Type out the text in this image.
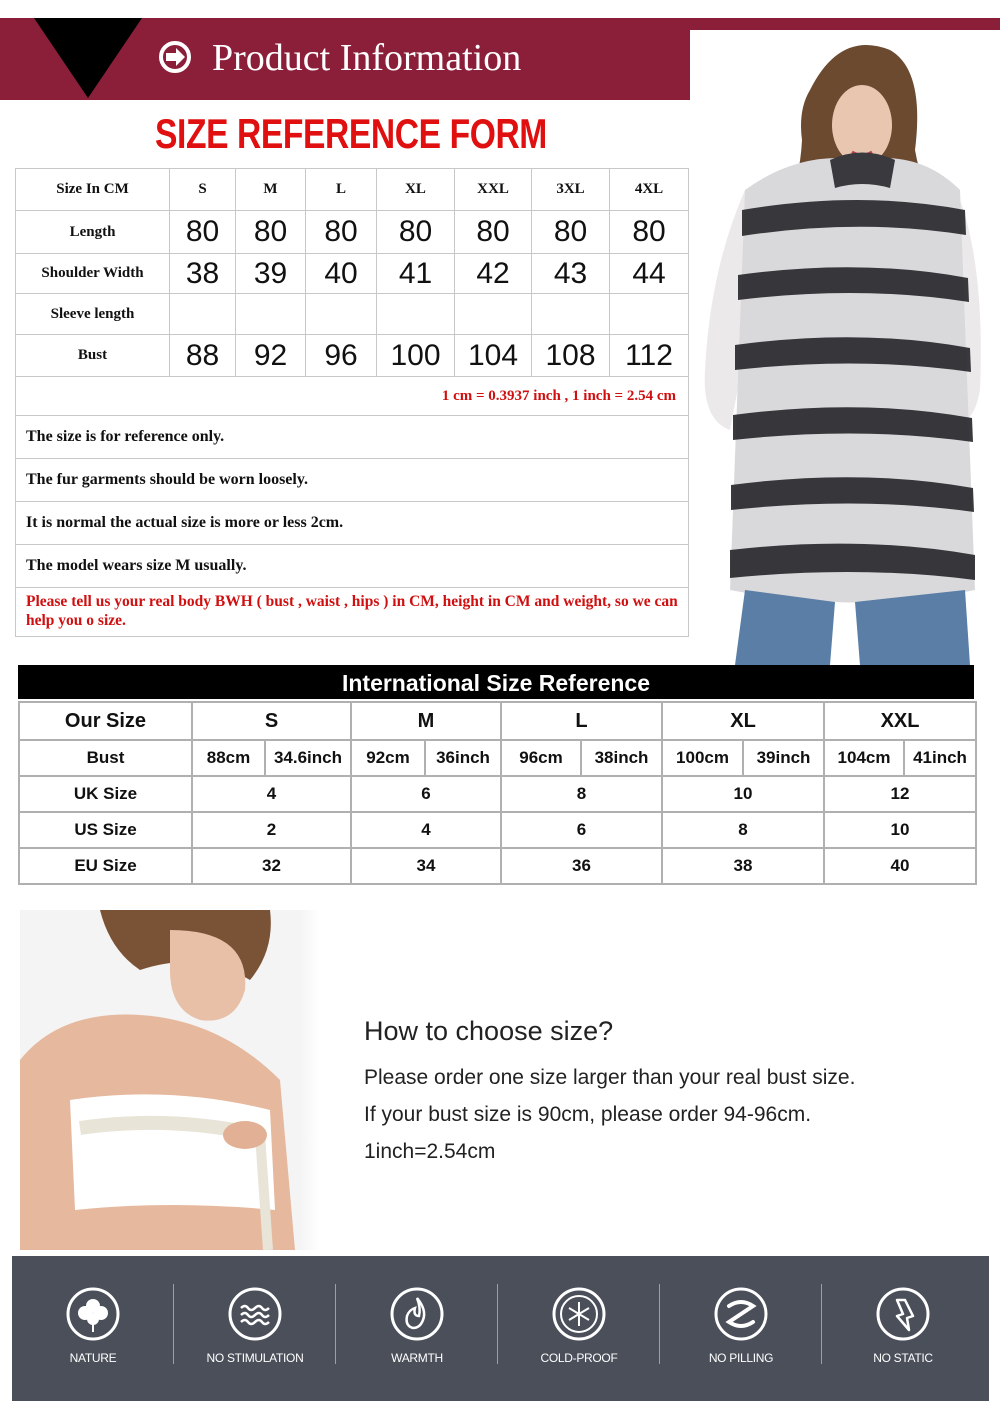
Product Information
SIZE REFERENCE FORM
Size In CM	S	M	L	XL	XXL	3XL	4XL
Length	80	80	80	80	80	80	80
Shoulder Width	38	39	40	41	42	43	44
Sleeve length							
Bust	88	92	96	100	104	108	112
1 cm = 0.3937 inch , 1 inch = 2.54 cm							
The size is for reference only.							
The fur garments should be worn loosely.							
It is normal the actual size is more or less 2cm.							
The model wears size M usually.							
Please tell us your real body BWH ( bust , waist , hips ) in CM, height in CM and weight, so we can help you o size.							
International Size Reference
Our Size	S		M		L		XL		XXL	
Bust	88cm	34.6inch	92cm	36inch	96cm	38inch	100cm	39inch	104cm	41inch
UK Size	4		6		8		10		12	
US Size	2		4		6		8		10	
EU Size	32		34		36		38		40	
How to choose size?
Please order one size larger than your real bust size.
If your bust size is 90cm, please order 94-96cm.
1inch=2.54cm
NATURE	NO STIMULATION	WARMTH	COLD-PROOF	NO PILLING	NO STATIC
